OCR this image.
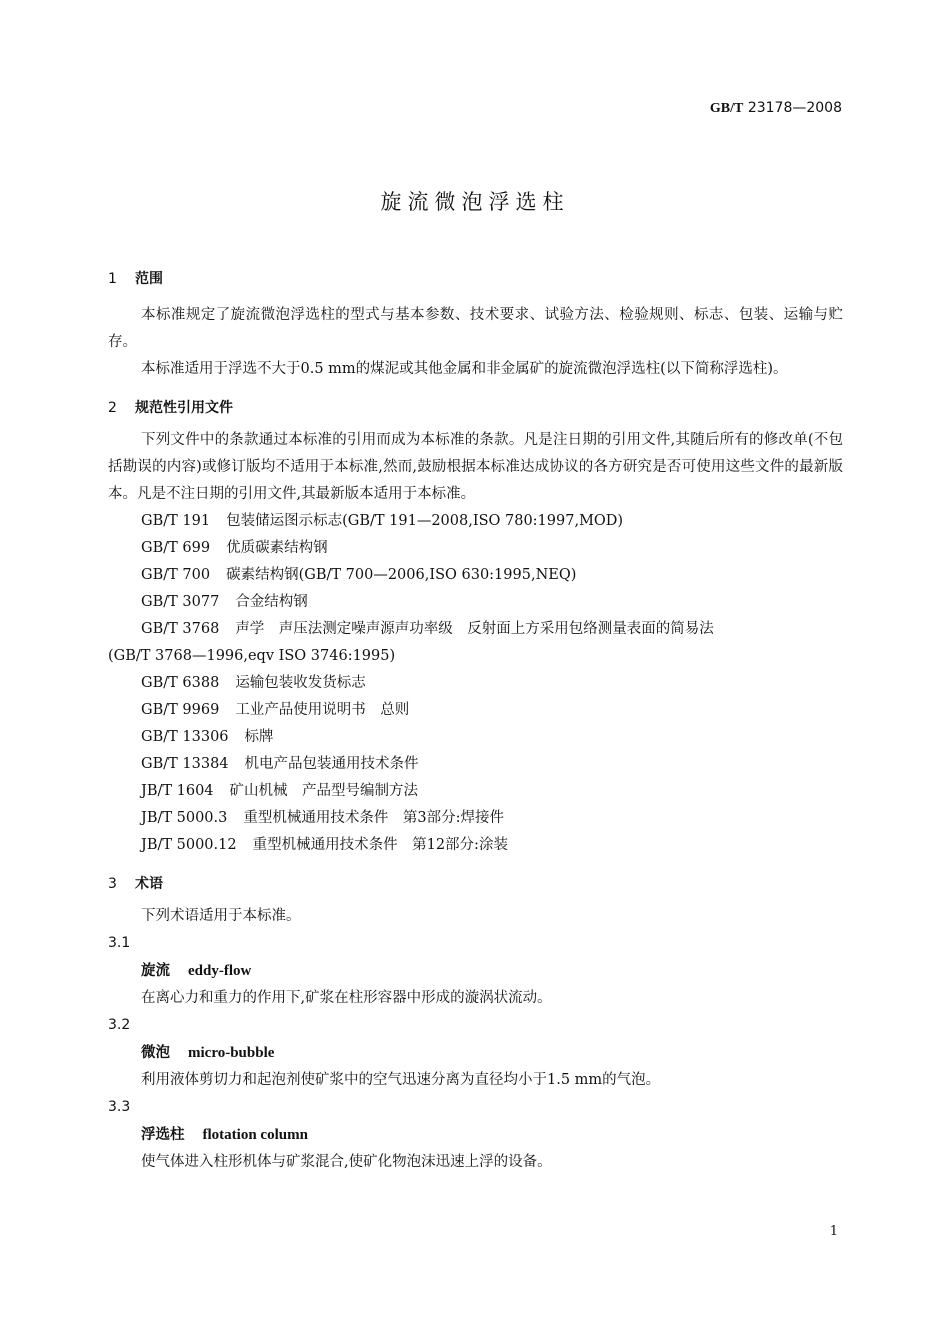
GB/T 23178—2008
旋流微泡浮选柱
1 范围
本标准规定了旋流微泡浮选柱的型式与基本参数、技术要求、试验方法、检验规则、标志、包装、运输与贮存。
本标准适用于浮选不大于0.5 mm的煤泥或其他金属和非金属矿的旋流微泡浮选柱(以下简称浮选柱)。
2 规范性引用文件
下列文件中的条款通过本标准的引用而成为本标准的条款。凡是注日期的引用文件,其随后所有的修改单(不包括勘误的内容)或修订版均不适用于本标准,然而,鼓励根据本标准达成协议的各方研究是否可使用这些文件的最新版本。凡是不注日期的引用文件,其最新版本适用于本标准。
GB/T 191 包装储运图示标志(GB/T 191—2008,ISO 780:1997,MOD)
GB/T 699 优质碳素结构钢
GB/T 700 碳素结构钢(GB/T 700—2006,ISO 630:1995,NEQ)
GB/T 3077 合金结构钢
GB/T 3768 声学　声压法测定噪声源声功率级　反射面上方采用包络测量表面的简易法
(GB/T 3768—1996,eqv ISO 3746:1995)
GB/T 6388 运输包装收发货标志
GB/T 9969 工业产品使用说明书　总则
GB/T 13306 标牌
GB/T 13384 机电产品包装通用技术条件
JB/T 1604 矿山机械　产品型号编制方法
JB/T 5000.3 重型机械通用技术条件　第3部分:焊接件
JB/T 5000.12 重型机械通用技术条件　第12部分:涂装
3 术语
下列术语适用于本标准。
3.1
旋流 eddy-flow
在离心力和重力的作用下,矿浆在柱形容器中形成的漩涡状流动。
3.2
微泡 micro-bubble
利用液体剪切力和起泡剂使矿浆中的空气迅速分离为直径均小于1.5 mm的气泡。
3.3
浮选柱 flotation column
使气体进入柱形机体与矿浆混合,使矿化物泡沫迅速上浮的设备。
1
